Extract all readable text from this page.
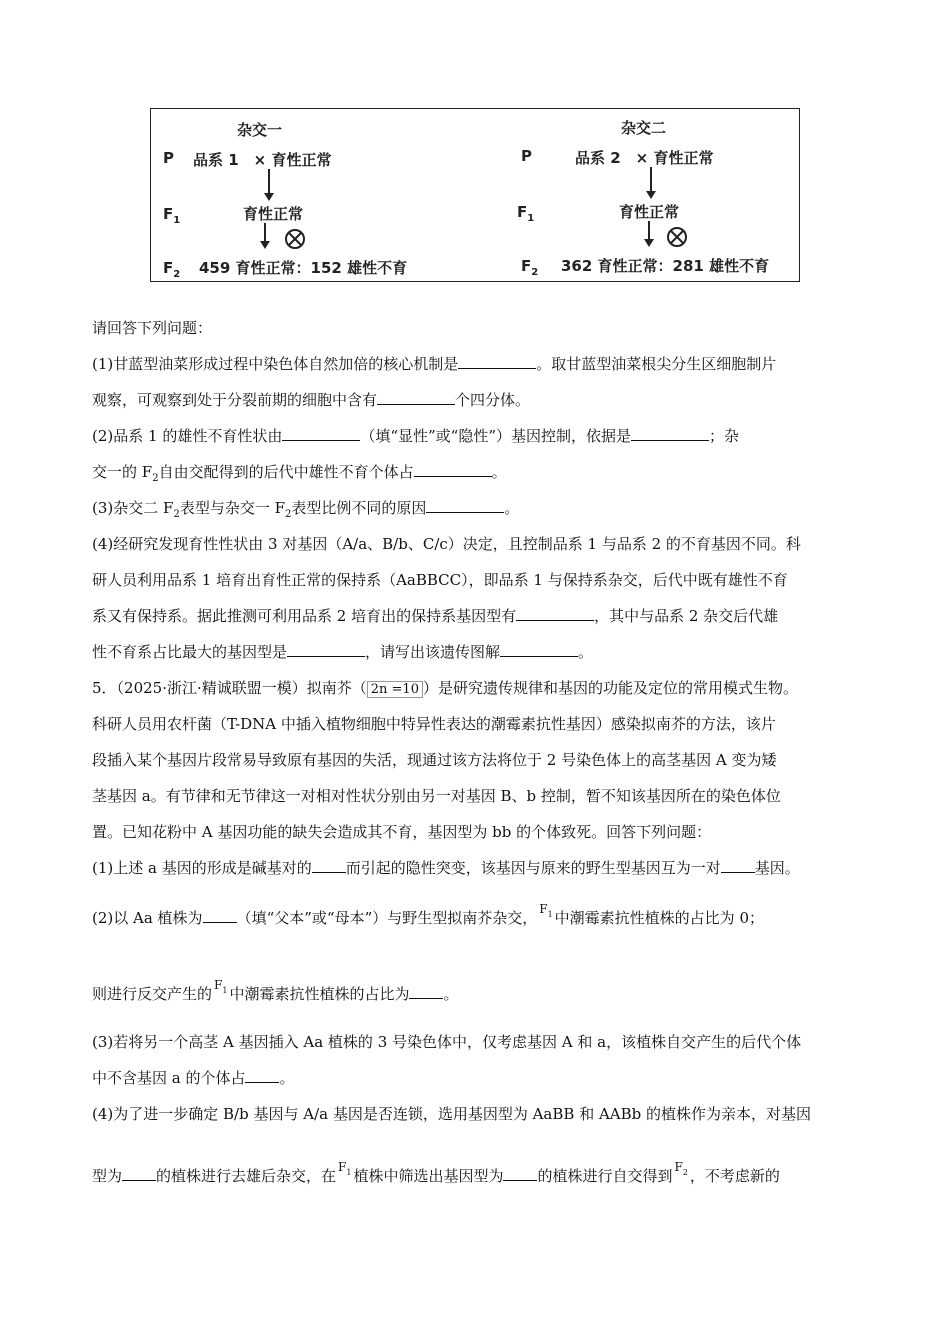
杂交一
P 品系 1　× 育性正常
$F_1$	育性正常
$F_2$ 459 育性正常：152 雄性不育
杂交二
P	品系 2　× 育性正常
$F_1$	育性正常
$F_2$ 362 育性正常：281 雄性不育
请回答下列问题：
(1)甘蓝型油菜形成过程中染色体自然加倍的核心机制是	。取甘蓝型油菜根尖分生区细胞制片
观察，可观察到处于分裂前期的细胞中含有	个四分体。
(2)品系 1 的雄性不育性状由	（填“显性”或“隐性”）基因控制，依据是	；杂
交一的 $F_2$自由交配得到的后代中雄性不育个体占	。
(3)杂交二 $F_2$表型与杂交一 $F_2$表型比例不同的原因	。
(4)经研究发现育性性状由 3 对基因（A/a、B/b、C/c）决定，且控制品系 1 与品系 2 的不育基因不同。科
研人员利用品系 1 培育出育性正常的保持系（AaBBCC），即品系 1 与保持系杂交，后代中既有雄性不育
系又有保持系。据此推测可利用品系 2 培育出的保持系基因型有	，其中与品系 2 杂交后代雄
性不育系占比最大的基因型是	，请写出该遗传图解	。
5．（2025·浙江·精诚联盟一模）拟南芥（ 2n =10 ）是研究遗传规律和基因的功能及定位的常用模式生物。
科研人员用农杆菌（T-DNA 中插入植物细胞中特异性表达的潮霉素抗性基因）感染拟南芥的方法，该片
段插入某个基因片段常易导致原有基因的失活，现通过该方法将位于 2 号染色体上的高茎基因 A 变为矮
茎基因 a。有节律和无节律这一对相对性状分别由另一对基因 B、b 控制，暂不知该基因所在的染色体位
置。已知花粉中 A 基因功能的缺失会造成其不育，基因型为 bb 的个体致死。回答下列问题：
(1)上述 a 基因的形成是碱基对的 而引起的隐性突变，该基因与原来的野生型基因互为一对 基因。
(2)以 Aa 植株为 （填“父本”或“母本”）与野生型拟南芥杂交， $F_1$ 中潮霉素抗性植株的占比为 0；
则进行反交产生的 $F_1$ 中潮霉素抗性植株的占比为 。
(3)若将另一个高茎 A 基因插入 Aa 植株的 3 号染色体中，仅考虑基因 A 和 a，该植株自交产生的后代个体
中不含基因 a 的个体占 。
(4)为了进一步确定 B/b 基因与 A/a 基因是否连锁，选用基因型为 AaBB 和 AABb 的植株作为亲本，对基因
型为 的植株进行去雄后杂交，在 $F_1$ 植株中筛选出基因型为 的植株进行自交得到 $F_2$ ，不考虑新的
